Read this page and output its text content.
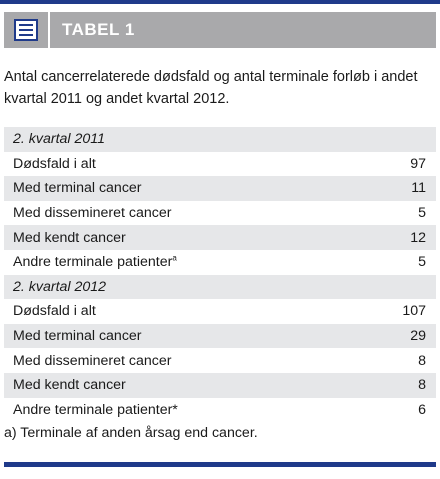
TABEL 1
Antal cancerrelaterede dødsfald og antal terminale forløb i andet kvartal 2011 og andet kvartal 2012.
2. kvartal 2011
Dødsfald i alt	97
Med terminal cancer	11
Med dissemineret cancer	5
Med kendt cancer	12
Andre terminale patienter$^a$	5
2. kvartal 2012
Dødsfald i alt	107
Med terminal cancer	29
Med dissemineret cancer	8
Med kendt cancer	8
Andre terminale patienter*	6
a) Terminale af anden årsag end cancer.
